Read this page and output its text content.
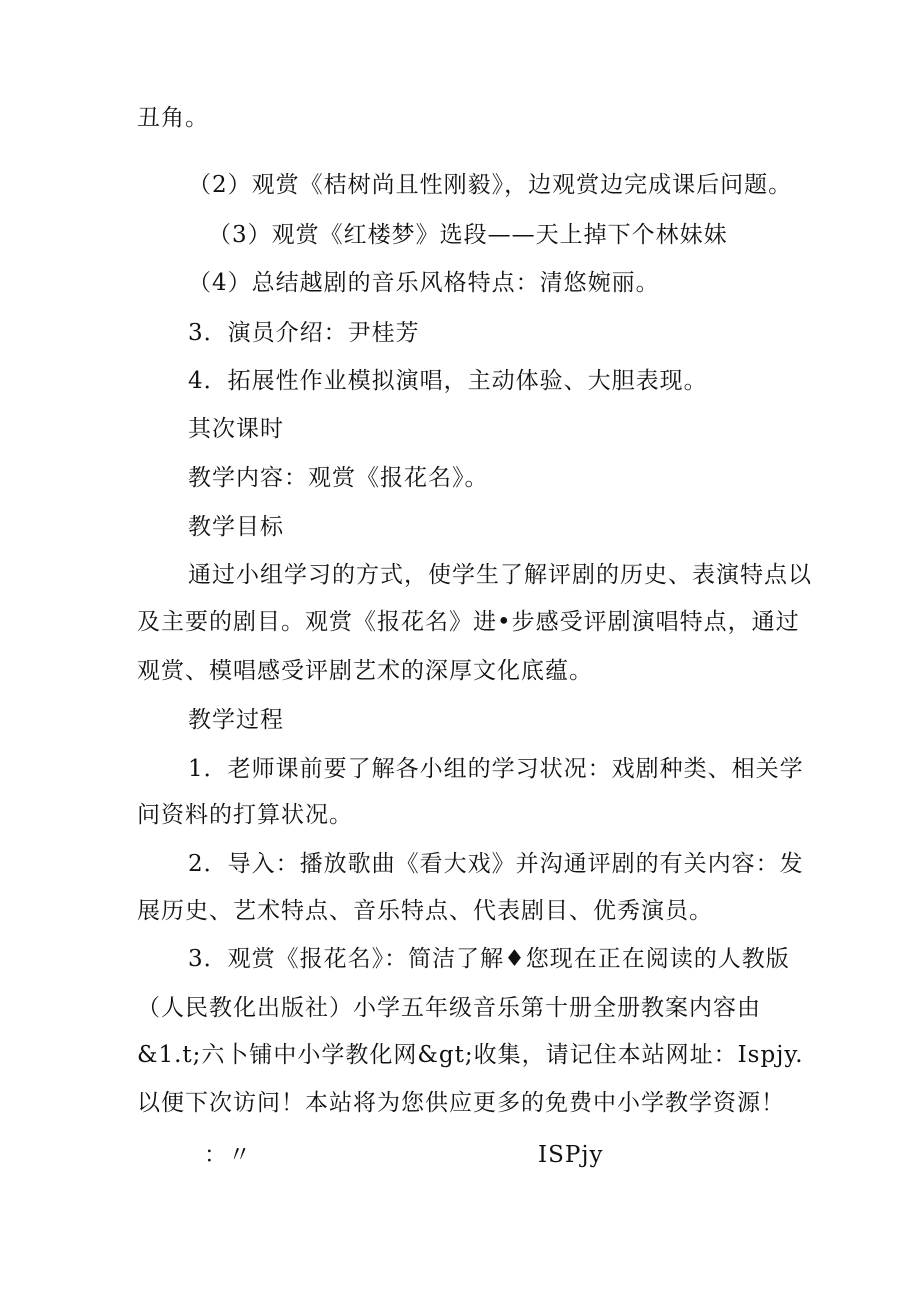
丑角。
（2）观赏《桔树尚且性刚毅》，边观赏边完成课后问题。
（3）观赏《红楼梦》选段——天上掉下个林妹妹
（4）总结越剧的音乐风格特点：清悠婉丽。
3．演员介绍：尹桂芳
4．拓展性作业模拟演唱，主动体验、大胆表现。
其次课时
教学内容：观赏《报花名》。
教学目标
通过小组学习的方式，使学生了解评剧的历史、表演特点以
及主要的剧目。观赏《报花名》进•步感受评剧演唱特点，通过
观赏、模唱感受评剧艺术的深厚文化底蕴。
教学过程
1．老师课前要了解各小组的学习状况：戏剧种类、相关学
问资料的打算状况。
2．导入：播放歌曲《看大戏》并沟通评剧的有关内容：发
展历史、艺术特点、音乐特点、代表剧目、优秀演员。
3．观赏《报花名》：简洁了解♦您现在正在阅读的人教版
（人民教化出版社）小学五年级音乐第十册全册教案内容由
&1.t;六卜铺中小学教化网&gt;收集，请记住本站网址：Ispjy.
以便下次访问！本站将为您供应更多的免费中小学教学资源！
：〃	ISPjy
